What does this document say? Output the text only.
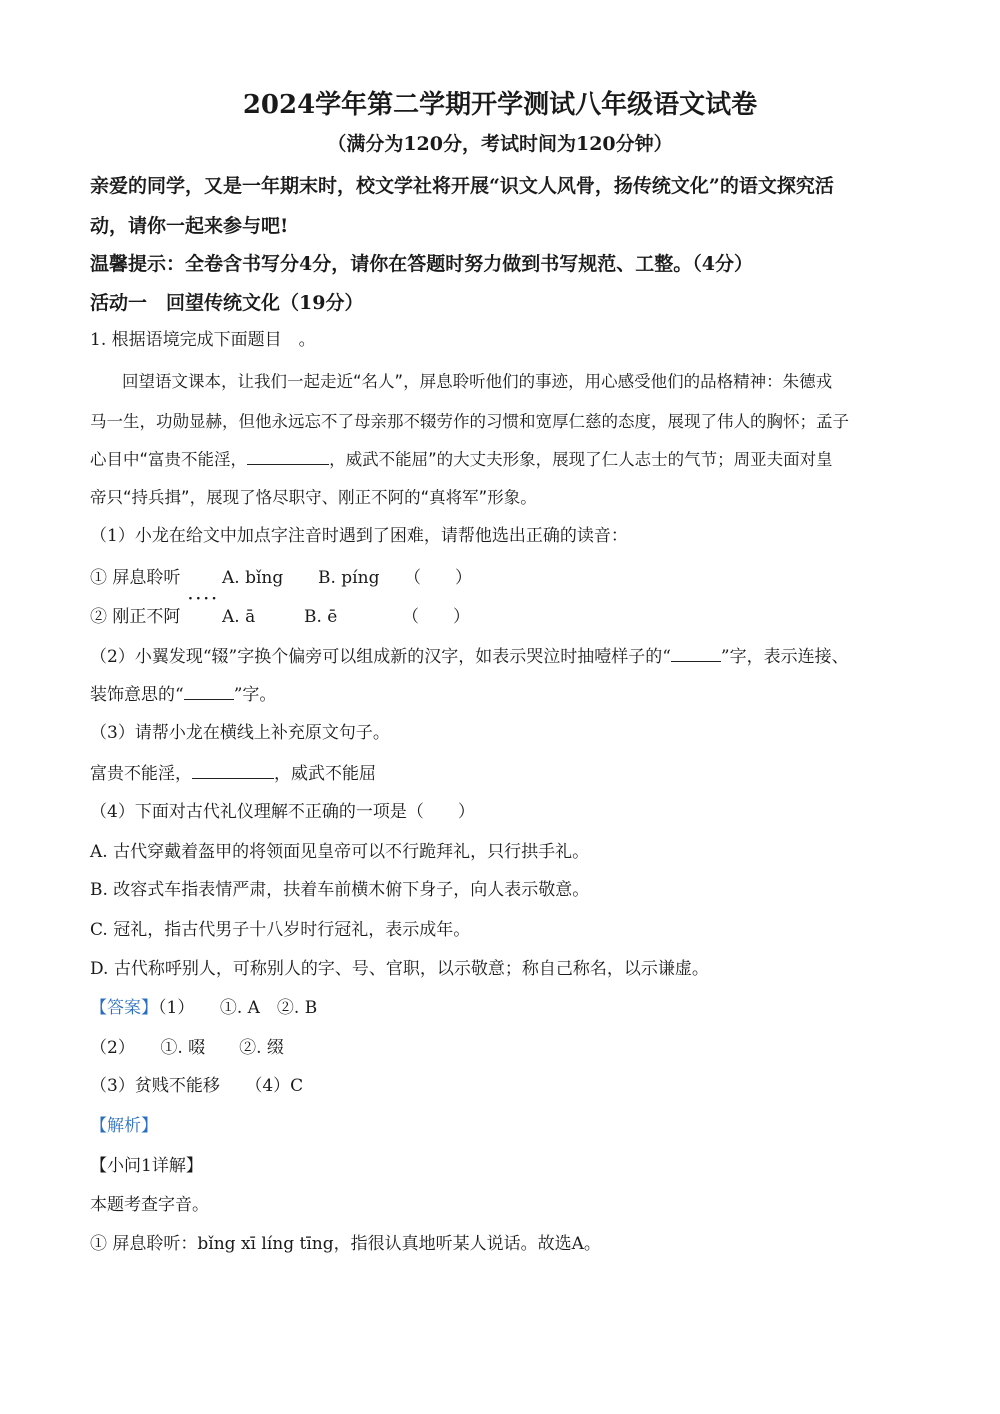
2024学年第二学期开学测试八年级语文试卷
（满分为120分，考试时间为120分钟）
亲爱的同学，又是一年期末时，校文学社将开展“识文人风骨，扬传统文化”的语文探究活
动，请你一起来参与吧!
温馨提示：全卷含书写分4分，请你在答题时努力做到书写规范、工整。（4分）
活动一　回望传统文化（19分）
1. 根据语境完成下面题目　。
回望语文课本，让我们一起走近“名人”，屏息聆听他们的事迹，用心感受他们的品格精神：朱德戎
马一生，功勋显赫，但他永远忘不了母亲那不辍劳作的习惯和宽厚仁慈的态度，展现了伟人的胸怀；孟子
心目中“富贵不能淫，	，威武不能屈”的大丈夫形象，展现了仁人志士的气节；周亚夫面对皇
帝只“持兵揖”，展现了恪尽职守、刚正不阿的“真将军”形象。
（1）小龙在给文中加点字注音时遇到了困难，请帮他选出正确的读音：
① 屏息聆听 A. bǐng B. píng （　　）
····
② 刚正不阿 A. ā	B. ē	（　　）
（2）小翼发现“辍”字换个偏旁可以组成新的汉字，如表示哭泣时抽噎样子的“	”字，表示连接、
装饰意思的“	”字。
（3）请帮小龙在横线上补充原文句子。
富贵不能淫，	，威武不能屈
（4）下面对古代礼仪理解不正确的一项是（　　）
A. 古代穿戴着盔甲的将领面见皇帝可以不行跪拜礼，只行拱手礼。
B. 改容式车指表情严肃，扶着车前横木俯下身子，向人表示敬意。
C. 冠礼，指古代男子十八岁时行冠礼，表示成年。
D. 古代称呼别人，可称别人的字、号、官职，以示敬意；称自己称名，以示谦虚。
【答案】（1）　　①. A　②. B
（2）　　①. 啜　　②. 缀
（3）贫贱不能移　　（4）C
【解析】
【小问1详解】
本题考查字音。
① 屏息聆听：bǐng xī líng tīng，指很认真地听某人说话。故选A。
